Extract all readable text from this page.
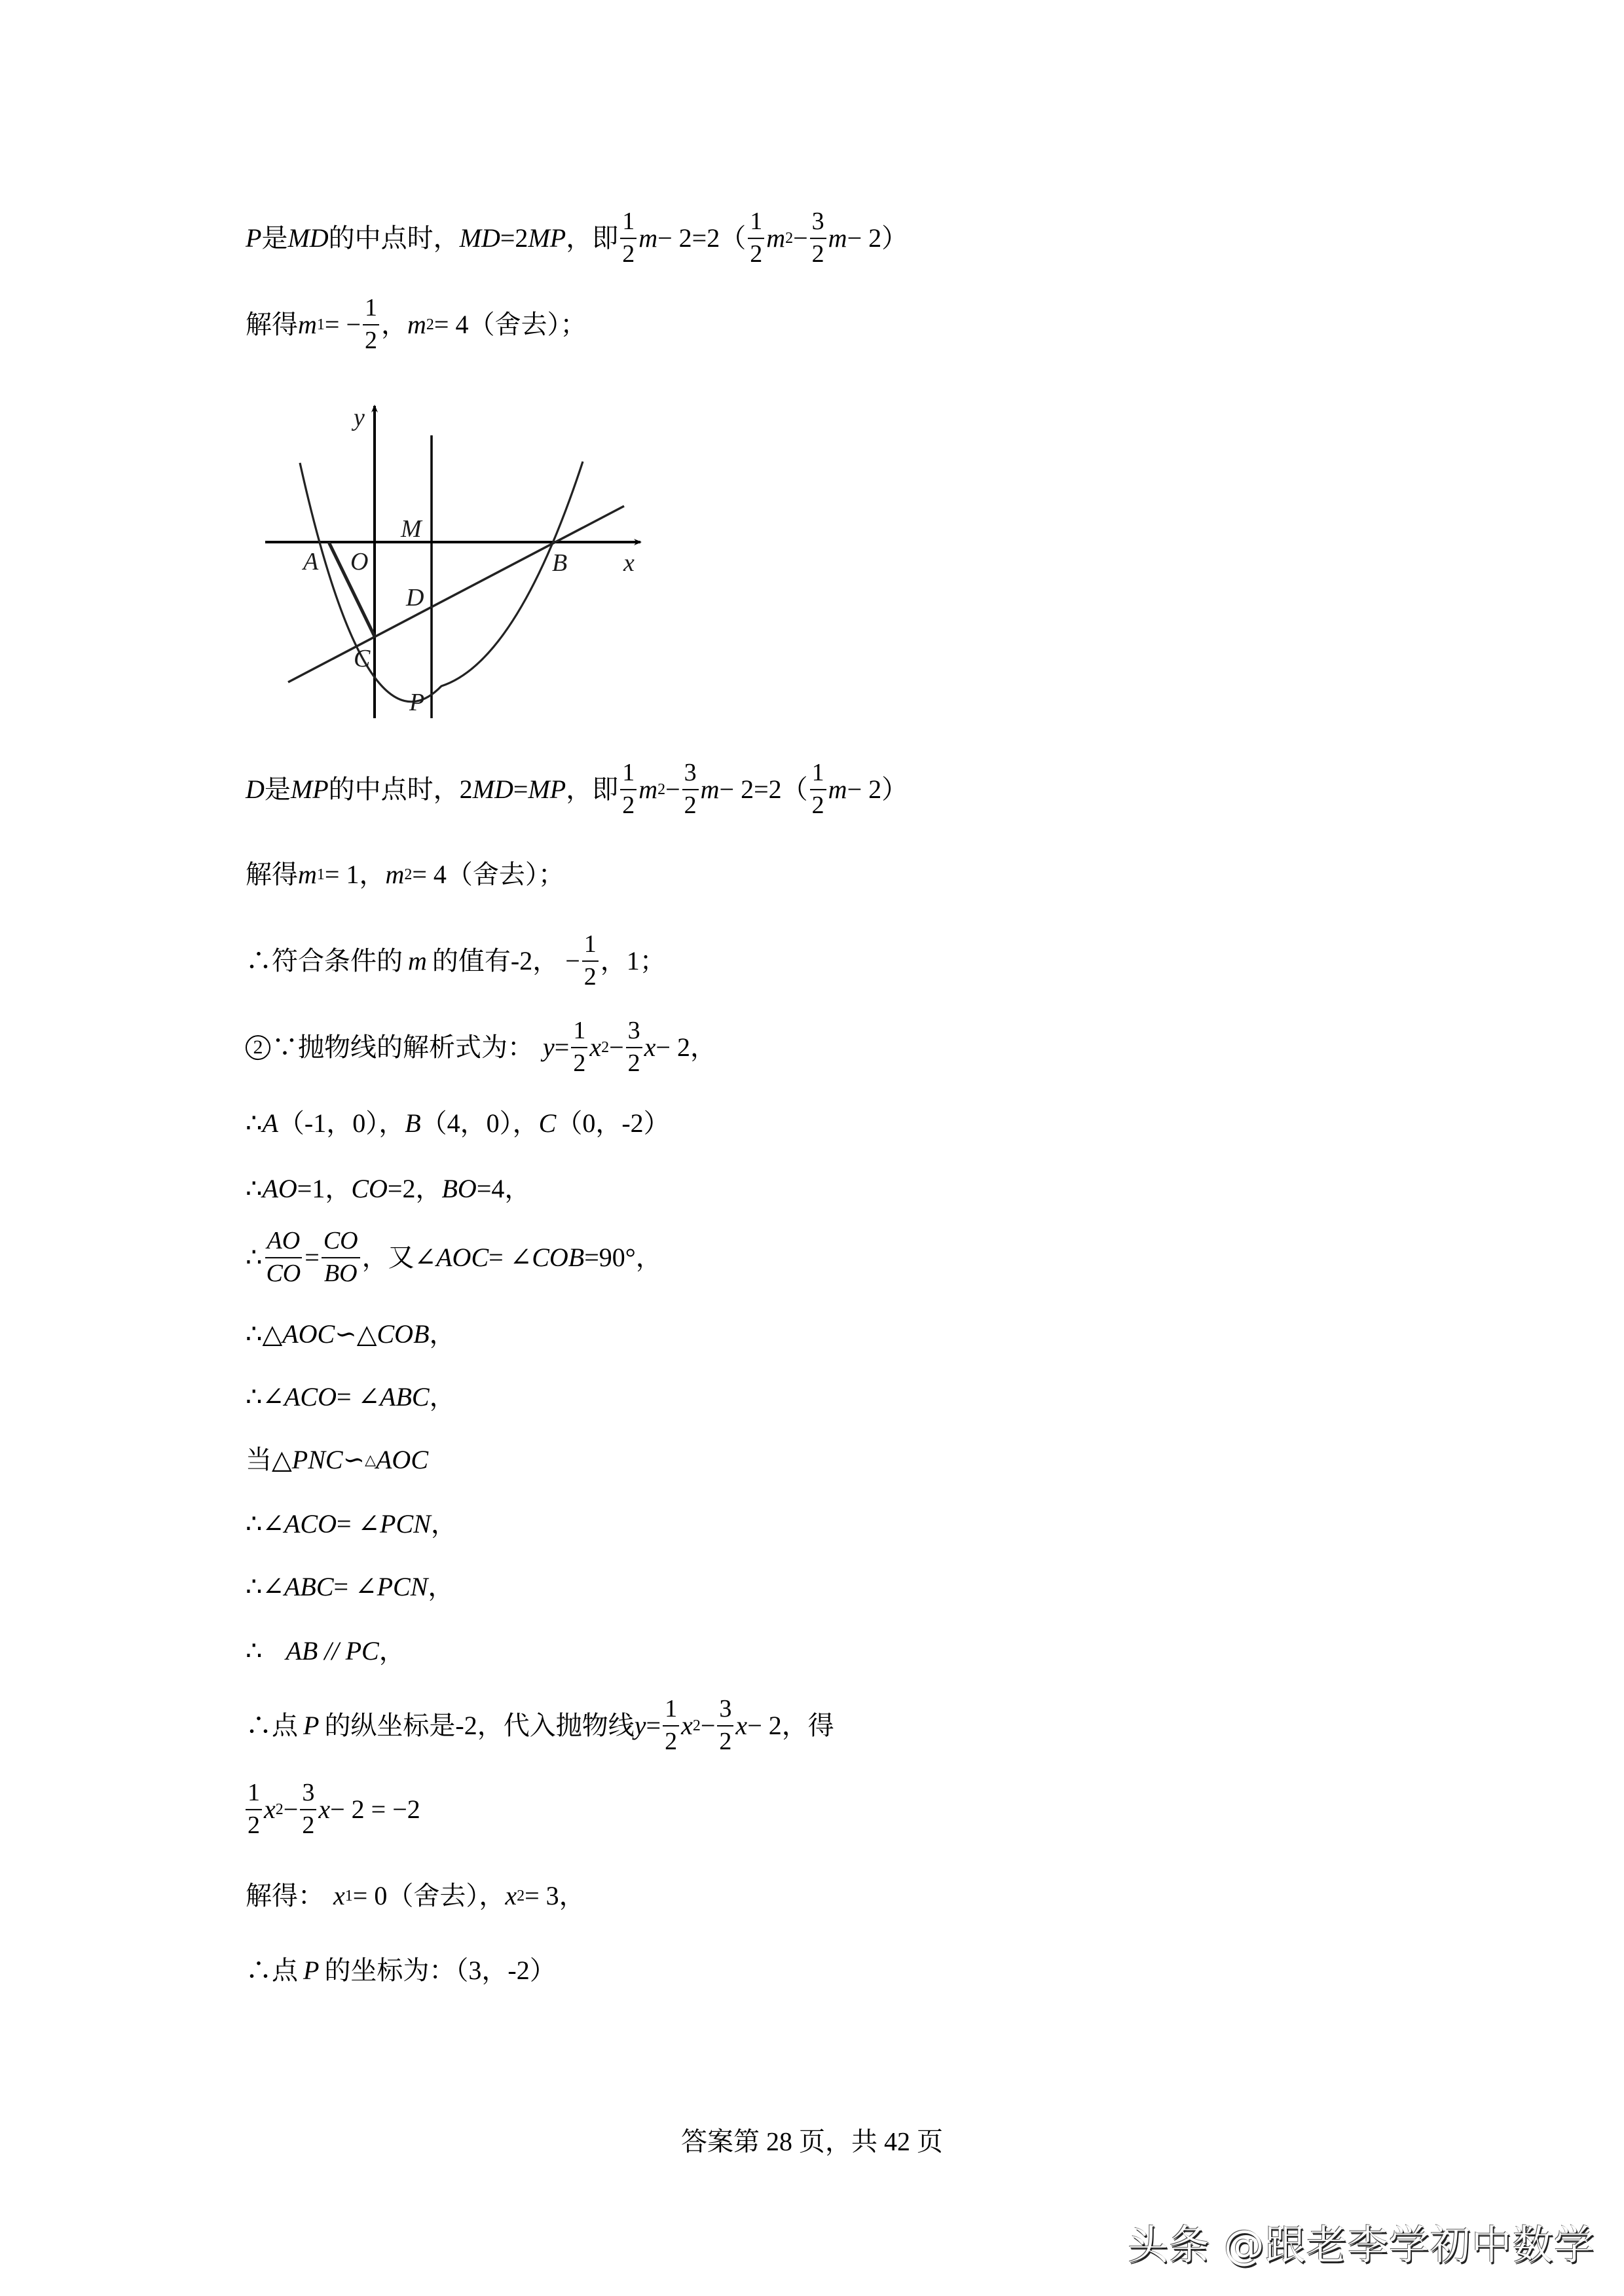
P 是 MD 的中点时， MD =2 MP ，即 $\frac{1}{2}$ $m - 2=2( \frac{1}{2}$ m $2 - \frac{3}{2}$ m − 2）
解得 m 1 = − $\frac{1}{2}$ ， m 2 = 4（舍去）；
y
x
A O
M
B
D
C
P
D 是 MP 的中点时，2 MD = MP ，即 $\frac{1}{2}$ m $2 - \frac{3}{2}$ $m - 2=2( \frac{1}{2}$ m − 2）
解得 m 1 = 1， m 2 = 4（舍去）；
∴符合条件的 m 的值有-2， − $\frac{1}{2}$ ，1；
2 ∵抛物线的解析式为： $y = \frac{1}{2}$ x $2 - \frac{3}{2}$ x − 2，
∴ A （-1，0）， B （4，0）， C （0，-2）
∴ AO =1， CO =2， BO =4，
∴ $\frac{AO}{CO} = \frac{CO}{BO}$ ，又∠ AOC = ∠ COB =90°，
∴△ AOC ∽△ COB ，
∴∠ ACO = ∠ ABC ，
当△ PNC ∽ △ AOC
∴∠ ACO = ∠ PCN ，
∴∠ ABC = ∠ PCN ，
∴ AB // PC ，
∴点 P 的纵坐标是-2，代入抛物线 $y = \frac{1}{2}$ x $2 - \frac{3}{2}$ x − 2，得
$\frac{1}{2}$ x $2 - \frac{3}{2}$ x − 2 = −2
解得： x 1 = 0（舍去）， x 2 = 3，
∴点 P 的坐标为：（3，-2）
答案第 28 页，共 42 页
头条 @跟老李学初中数学
